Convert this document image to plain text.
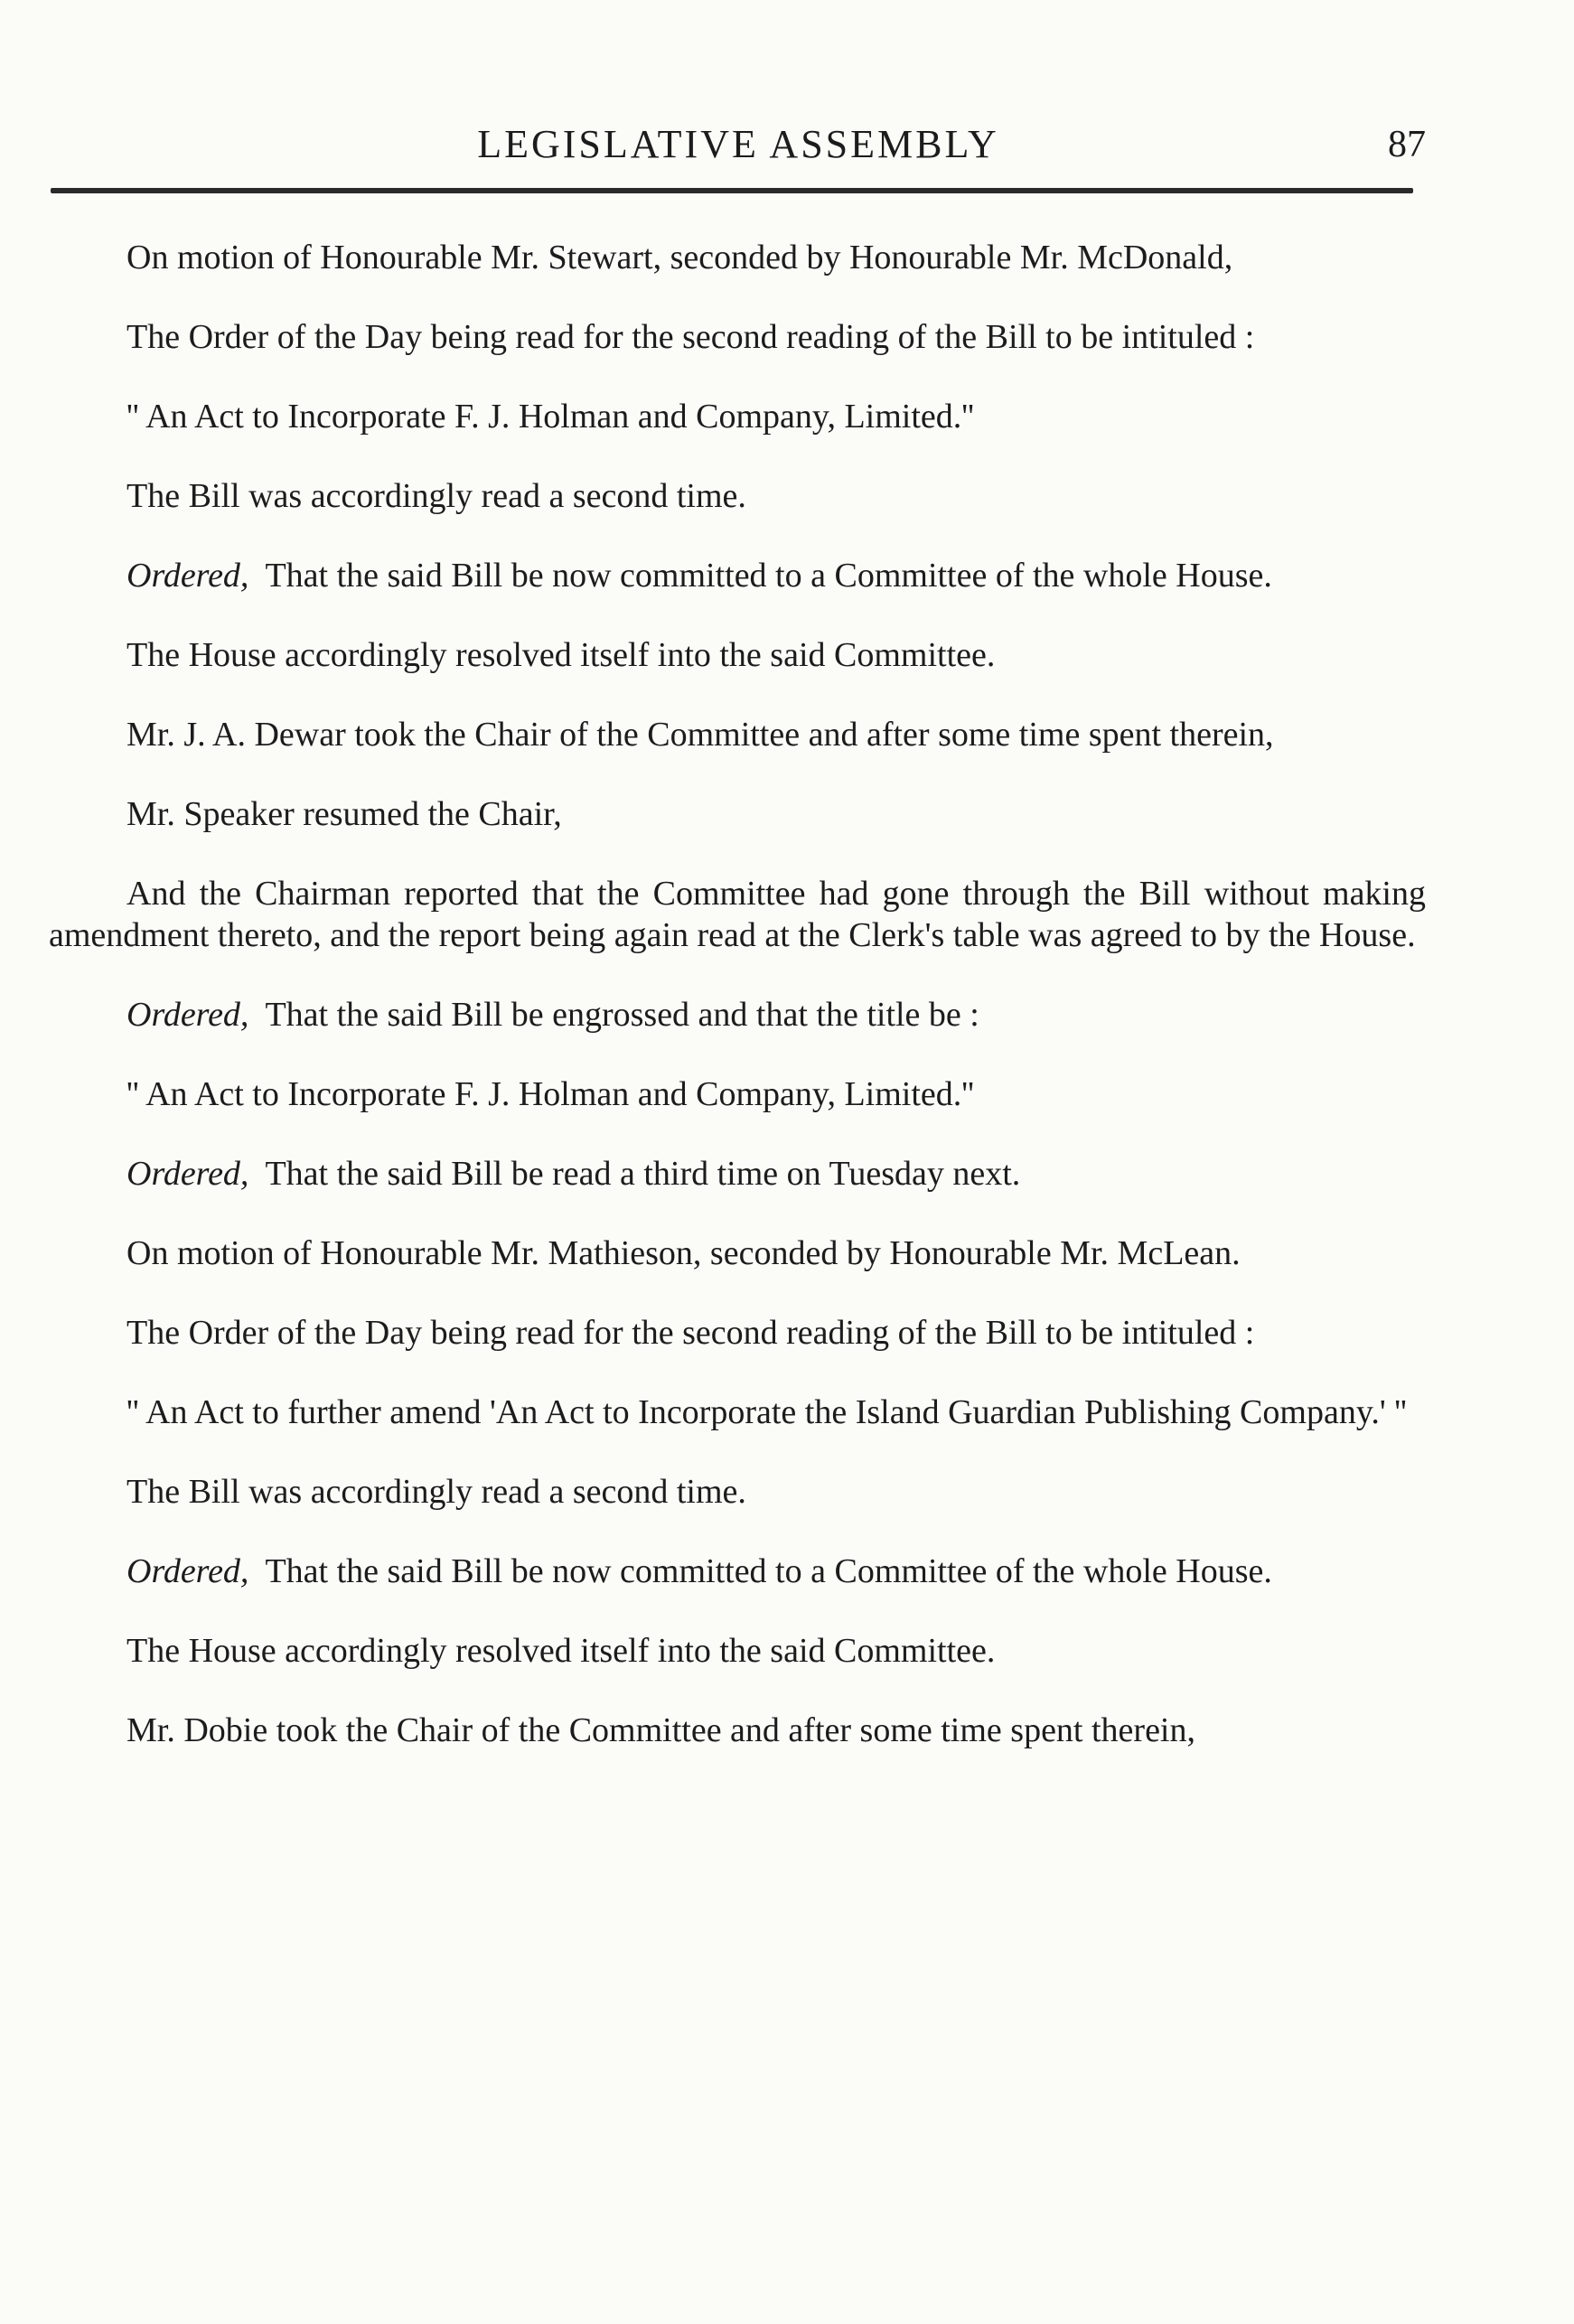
LEGISLATIVE ASSEMBLY	87

On motion of Honourable Mr. Stewart, seconded by Honourable Mr. McDonald,

The Order of the Day being read for the second reading of the Bill to be intituled :

'' An Act to Incorporate F. J. Holman and Company, Limited.''

The Bill was accordingly read a second time.

Ordered, That the said Bill be now committed to a Committee of the whole House.

The House accordingly resolved itself into the said Committee.

Mr. J. A. Dewar took the Chair of the Committee and after some time spent therein,

Mr. Speaker resumed the Chair,

And the Chairman reported that the Committee had gone through the Bill without making amendment thereto, and the report being again read at the Clerk's table was agreed to by the House.

Ordered, That the said Bill be engrossed and that the title be :

'' An Act to Incorporate F. J. Holman and Company, Limited.''

Ordered, That the said Bill be read a third time on Tuesday next.

On motion of Honourable Mr. Mathieson, seconded by Honourable Mr. McLean.

The Order of the Day being read for the second reading of the Bill to be intituled :

'' An Act to further amend 'An Act to Incorporate the Island Guardian Publishing Company.' ''

The Bill was accordingly read a second time.

Ordered, That the said Bill be now committed to a Committee of the whole House.

The House accordingly resolved itself into the said Committee.

Mr. Dobie took the Chair of the Committee and after some time spent therein,
